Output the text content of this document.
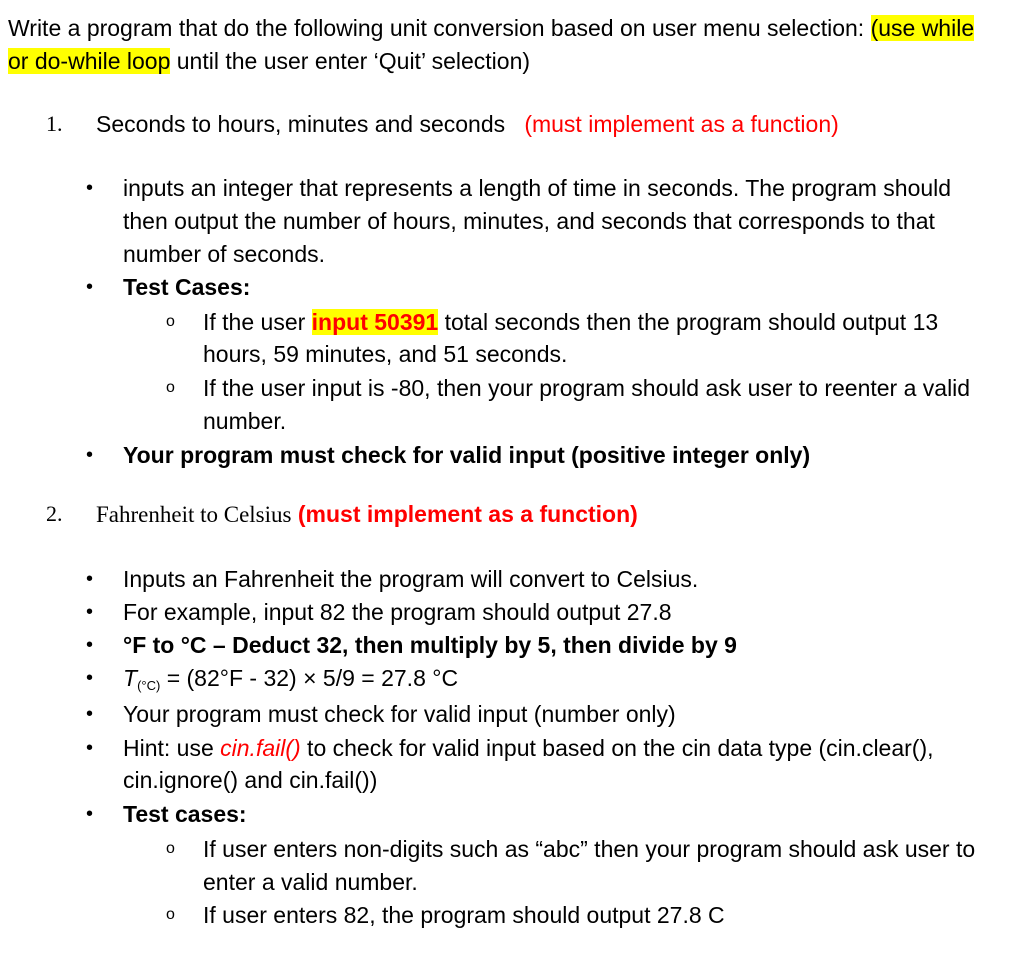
Write a program that do the following unit conversion based on user menu selection: (use while
or do-while loop until the user enter ‘Quit’ selection)
1. Seconds to hours, minutes and seconds (must implement as a function)
• inputs an integer that represents a length of time in seconds. The program should
then output the number of hours, minutes, and seconds that corresponds to that
number of seconds.
• Test Cases:
o If the user input 50391 total seconds then the program should output 13
hours, 59 minutes, and 51 seconds.
o If the user input is -80, then your program should ask user to reenter a valid
number.
• Your program must check for valid input (positive integer only)
2. Fahrenheit to Celsius (must implement as a function)
• Inputs an Fahrenheit the program will convert to Celsius.
• For example, input 82 the program should output 27.8
• °F to °C – Deduct 32, then multiply by 5, then divide by 9
• $T_{(^\circ C)} = (82^\circ F - 32) \times 5/9 = 27.8$ °C
• Your program must check for valid input (number only)
• Hint: use cin.fail() to check for valid input based on the cin data type (cin.clear(),
cin.ignore() and cin.fail())
• Test cases:
o If user enters non-digits such as “abc” then your program should ask user to
enter a valid number.
o If user enters 82, the program should output 27.8 C
